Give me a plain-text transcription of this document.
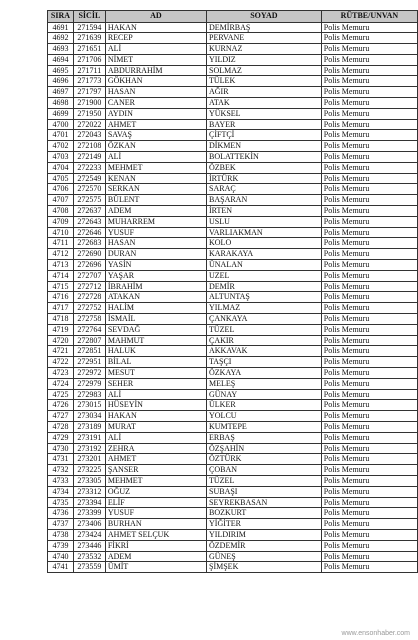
SIRA	SİCİL	AD	SOYAD	RÜTBE/UNVAN
4691	271594	HAKAN	DEMİRBAŞ	Polis Memuru
4692	271639	RECEP	PERVANE	Polis Memuru
4693	271651	ALİ	KURNAZ	Polis Memuru
4694	271706	NİMET	YILDIZ	Polis Memuru
4695	271711	ABDURRAHİM	SOLMAZ	Polis Memuru
4696	271773	GÖKHAN	TÜLEK	Polis Memuru
4697	271797	HASAN	AĞIR	Polis Memuru
4698	271900	CANER	ATAK	Polis Memuru
4699	271950	AYDIN	YÜKSEL	Polis Memuru
4700	272022	AHMET	BAYER	Polis Memuru
4701	272043	SAVAŞ	ÇİFTÇİ	Polis Memuru
4702	272108	ÖZKAN	DİKMEN	Polis Memuru
4703	272149	ALİ	BOLATTEKİN	Polis Memuru
4704	272233	MEHMET	ÖZBEK	Polis Memuru
4705	272549	KENAN	İRTÜRK	Polis Memuru
4706	272570	SERKAN	SARAÇ	Polis Memuru
4707	272575	BÜLENT	BAŞARAN	Polis Memuru
4708	272637	ADEM	İRTEN	Polis Memuru
4709	272643	MUHARREM	USLU	Polis Memuru
4710	272646	YUSUF	VARLIAKMAN	Polis Memuru
4711	272683	HASAN	KOLO	Polis Memuru
4712	272690	DURAN	KARAKAYA	Polis Memuru
4713	272696	YASİN	ÜNALAN	Polis Memuru
4714	272707	YAŞAR	UZEL	Polis Memuru
4715	272712	İBRAHİM	DEMİR	Polis Memuru
4716	272728	ATAKAN	ALTUNTAŞ	Polis Memuru
4717	272752	HALİM	YILMAZ	Polis Memuru
4718	272758	İSMAİL	ÇANKAYA	Polis Memuru
4719	272764	SEVDAĞ	TÜZEL	Polis Memuru
4720	272807	MAHMUT	ÇAKIR	Polis Memuru
4721	272851	HALUK	AKKAVAK	Polis Memuru
4722	272951	BİLAL	TAŞÇI	Polis Memuru
4723	272972	MESUT	ÖZKAYA	Polis Memuru
4724	272979	SEHER	MELEŞ	Polis Memuru
4725	272983	ALİ	GÜNAY	Polis Memuru
4726	273015	HÜSEYİN	ÜLKER	Polis Memuru
4727	273034	HAKAN	YOLCU	Polis Memuru
4728	273189	MURAT	KUMTEPE	Polis Memuru
4729	273191	ALİ	ERBAŞ	Polis Memuru
4730	273192	ZEHRA	ÖZŞAHİN	Polis Memuru
4731	273201	AHMET	ÖZTÜRK	Polis Memuru
4732	273225	ŞANSER	ÇOBAN	Polis Memuru
4733	273305	MEHMET	TÜZEL	Polis Memuru
4734	273312	OĞUZ	SUBAŞI	Polis Memuru
4735	273394	ELİF	SEYREKBASAN	Polis Memuru
4736	273399	YUSUF	BOZKURT	Polis Memuru
4737	273406	BURHAN	YİĞİTER	Polis Memuru
4738	273424	AHMET SELÇUK	YILDIRIM	Polis Memuru
4739	273446	FİKRİ	ÖZDEMİR	Polis Memuru
4740	273532	ADEM	GÜNEŞ	Polis Memuru
4741	273559	ÜMİT	ŞİMŞEK	Polis Memuru
www.ensonhaber.com
